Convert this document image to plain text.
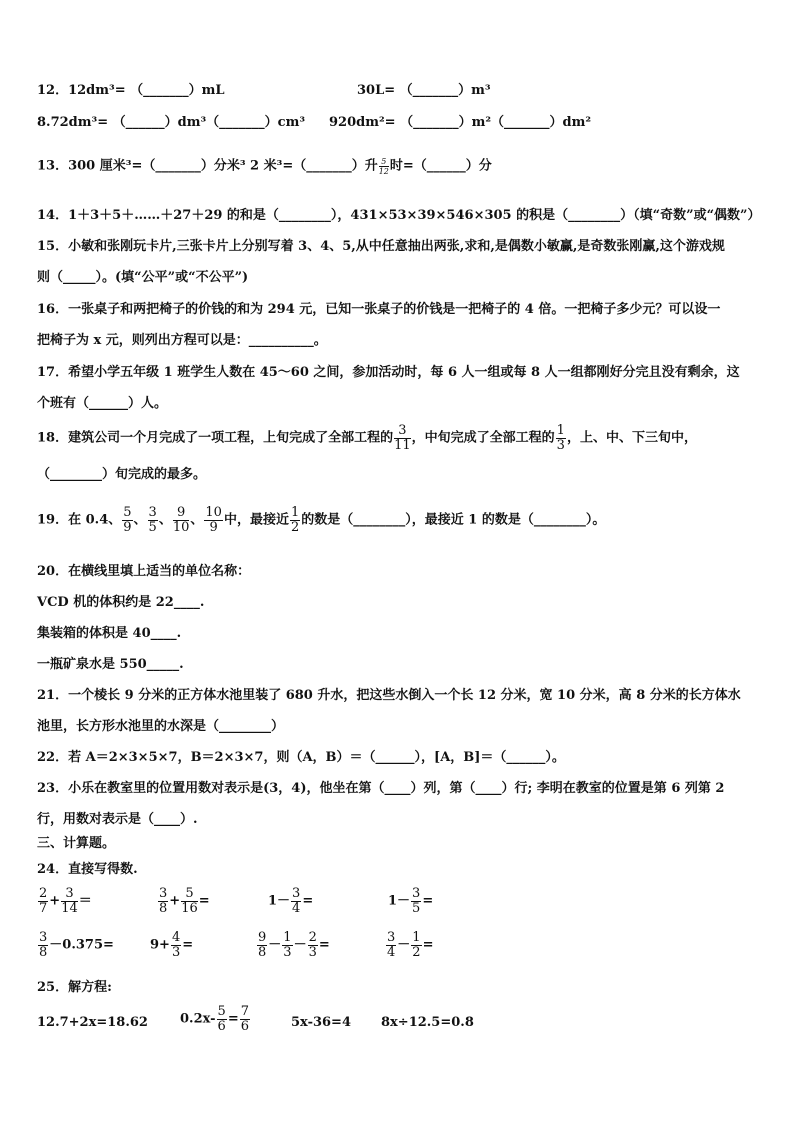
12．12dm³= （_______）mL	30L= （_______）m³
8.72dm³= （______）dm³（_______）cm³ 920dm²= （_______）m²（_______）dm²
13．300 厘米³=（_______）分米³ 2 米³=（_______）升 $\frac{5}{12}$ 时=（______）分
14．1＋3＋5＋……＋27＋29 的和是（________），431×53×39×546×305 的积是（________）（填“奇数”或“偶数”）
15．小敏和张刚玩卡片,三张卡片上分别写着 3、4、5,从中任意抽出两张,求和,是偶数小敏赢,是奇数张刚赢,这个游戏规
则（_____）。(填“公平”或“不公平”)
16．一张桌子和两把椅子的价钱的和为 294 元，已知一张桌子的价钱是一把椅子的 4 倍。一把椅子多少元？可以设一
把椅子为 x 元，则列出方程可以是：__________。
17．希望小学五年级 1 班学生人数在 45～60 之间，参加活动时，每 6 人一组或每 8 人一组都刚好分完且没有剩余，这
个班有（______）人。
18．建筑公司一个月完成了一项工程，上旬完成了全部工程的 $\frac{3}{11}$ ，中旬完成了全部工程的 $\frac{1}{3}$ ，上、中、下三旬中，
（________）旬完成的最多。
19．在 0.4、 $\frac{5}{9}$ 、 $\frac{3}{5}$ 、 $\frac{9}{10}$ 、 $\frac{10}{9}$ 中，最接近 $\frac{1}{2}$ 的数是（________），最接近 1 的数是（________）。
20．在横线里填上适当的单位名称：
VCD 机的体积约是 22____.
集装箱的体积是 40____.
一瓶矿泉水是 550_____.
21．一个棱长 9 分米的正方体水池里装了 680 升水，把这些水倒入一个长 12 分米，宽 10 分米，高 8 分米的长方体水
池里，长方形水池里的水深是（________）
22．若 A＝2×3×5×7，B＝2×3×7，则（A，B）＝（______），[A，B]＝（______）。
23．小乐在教室里的位置用数对表示是(3，4)，他坐在第（____）列，第（____）行; 李明在教室的位置是第 6 列第 2
行，用数对表示是（____）.
三、计算题。
24．直接写得数.
$\frac{2}{7} + \frac{3}{14}$ ＝	$\frac{3}{8} + \frac{5}{16}$ =	$1- \frac{3}{4}$ =	$1- \frac{3}{5}$ =
$\frac{3}{8} -0.375=$	$9+ \frac{4}{3}$ =	$\frac{9}{8} - \frac{1}{3} - \frac{2}{3}$ =	$\frac{3}{4} - \frac{1}{2}$ =
25．解方程:
12.7+2x=18.62 $0.2x- \frac{5}{6} = \frac{7}{6}$	5x-36=4 8x÷12.5=0.8
